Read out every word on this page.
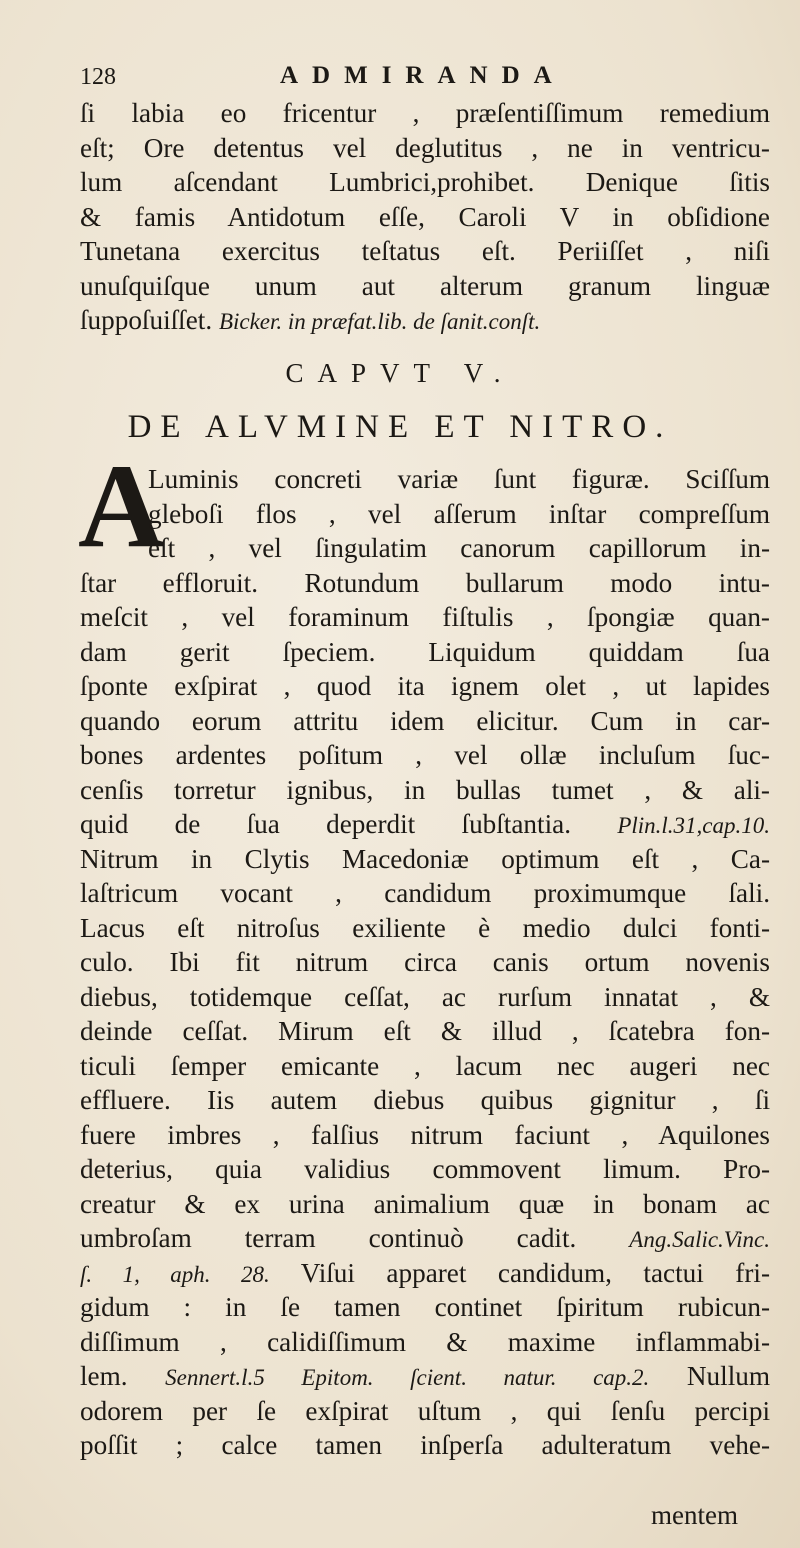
128	ADMIRANDA
ſi labia eo fricentur , præſentiſſimum remedium
eſt; Ore detentus vel deglutitus , ne in ventricu-
lum aſcendant Lumbrici,prohibet. Denique ſitis
& famis Antidotum eſſe, Caroli V in obſidione
Tunetana exercitus teſtatus eſt. Periiſſet , niſi
unuſquiſque unum aut alterum granum linguæ
ſuppoſuiſſet. Bicker. in præfat.lib. de ſanit.conſt.
CAPVT V.
DE ALVMINE ET NITRO.
A
Luminis concreti variæ ſunt figuræ. Sciſſum
gleboſi flos , vel aſſerum inſtar compreſſum
eſt , vel ſingulatim canorum capillorum in-
ſtar effloruit. Rotundum bullarum modo intu-
meſcit , vel foraminum fiſtulis , ſpongiæ quan-
dam gerit ſpeciem. Liquidum quiddam ſua
ſponte exſpirat , quod ita ignem olet , ut lapides
quando eorum attritu idem elicitur. Cum in car-
bones ardentes poſitum , vel ollæ incluſum ſuc-
cenſis torretur ignibus, in bullas tumet , & ali-
quid de ſua deperdit ſubſtantia. Plin.l.31,cap.10.
Nitrum in Clytis Macedoniæ optimum eſt , Ca-
laſtricum vocant , candidum proximumque ſali.
Lacus eſt nitroſus exiliente è medio dulci fonti-
culo. Ibi fit nitrum circa canis ortum novenis
diebus, totidemque ceſſat, ac rurſum innatat , &
deinde ceſſat. Mirum eſt & illud , ſcatebra fon-
ticuli ſemper emicante , lacum nec augeri nec
effluere. Iis autem diebus quibus gignitur , ſi
fuere imbres , falſius nitrum faciunt , Aquilones
deterius, quia validius commovent limum. Pro-
creatur & ex urina animalium quæ in bonam ac
umbroſam terram continuò cadit. Ang.Salic.Vinc.
ſ. 1, aph. 28. Viſui apparet candidum, tactui fri-
gidum : in ſe tamen continet ſpiritum rubicun-
diſſimum , calidiſſimum & maxime inflammabi-
lem. Sennert.l.5 Epitom. ſcient. natur. cap.2. Nullum
odorem per ſe exſpirat uſtum , qui ſenſu percipi
poſſit ; calce tamen inſperſa adulteratum vehe-
mentem
